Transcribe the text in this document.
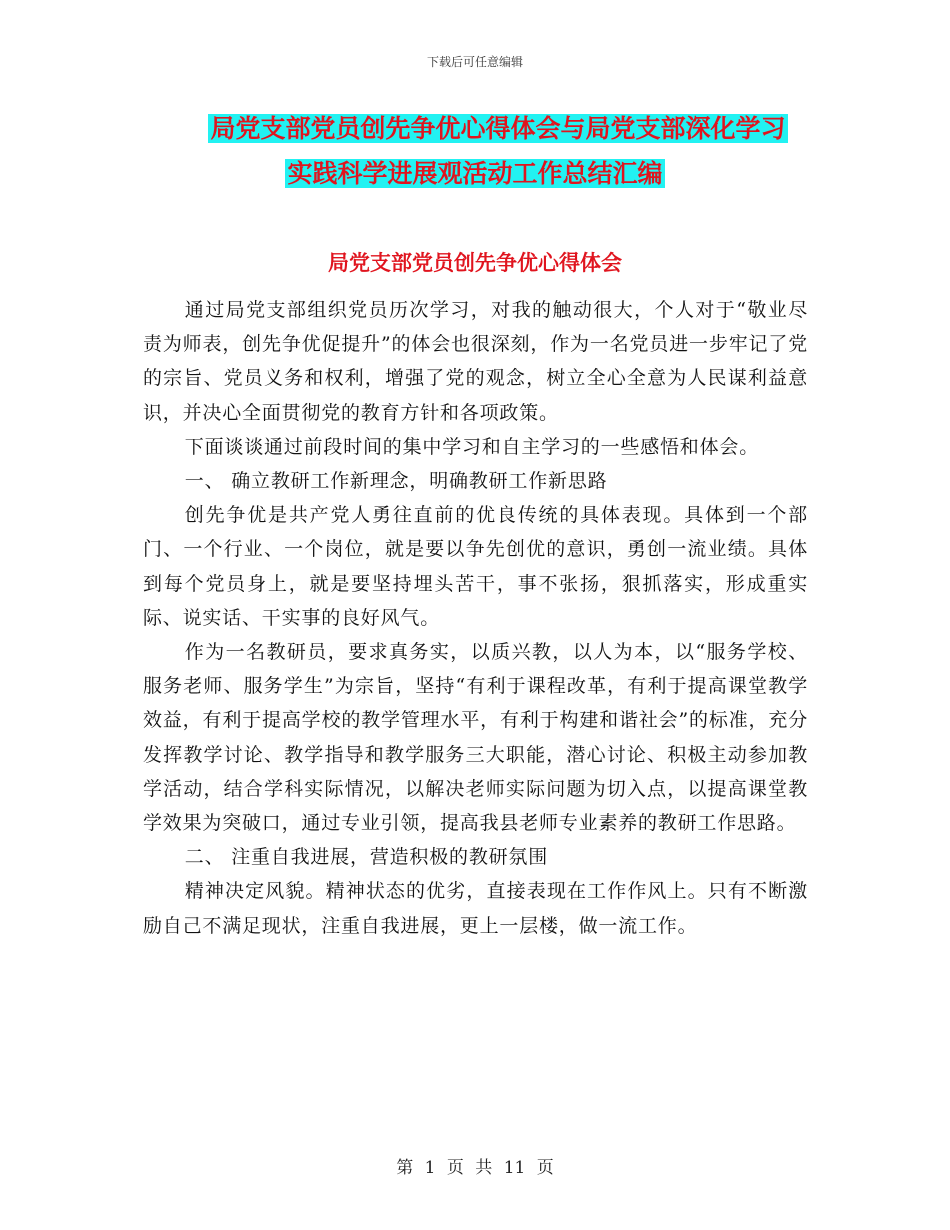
下载后可任意编辑
局党支部党员创先争优心得体会与局党支部深化学习
实践科学进展观活动工作总结汇编
局党支部党员创先争优心得体会

通过局党支部组织党员历次学习，对我的触动很大，个人对于“敬业尽责为师表，创先争优促提升”的体会也很深刻，作为一名党员进一步牢记了党的宗旨、党员义务和权利，增强了党的观念，树立全心全意为人民谋利益意识，并决心全面贯彻党的教育方针和各项政策。

下面谈谈通过前段时间的集中学习和自主学习的一些感悟和体会。

一、 确立教研工作新理念，明确教研工作新思路

创先争优是共产党人勇往直前的优良传统的具体表现。具体到一个部门、一个行业、一个岗位，就是要以争先创优的意识，勇创一流业绩。具体到每个党员身上，就是要坚持埋头苦干，事不张扬，狠抓落实，形成重实际、说实话、干实事的良好风气。

作为一名教研员，要求真务实，以质兴教，以人为本，以“服务学校、服务老师、服务学生”为宗旨，坚持“有利于课程改革，有利于提高课堂教学效益，有利于提高学校的教学管理水平，有利于构建和谐社会”的标准，充分发挥教学讨论、教学指导和教学服务三大职能，潜心讨论、积极主动参加教学活动，结合学科实际情况，以解决老师实际问题为切入点，以提高课堂教学效果为突破口，通过专业引领，提高我县老师专业素养的教研工作思路。

二、 注重自我进展，营造积极的教研氛围

精神决定风貌。精神状态的优劣，直接表现在工作作风上。只有不断激励自己不满足现状，注重自我进展，更上一层楼，做一流工作。

第 1 页 共 11 页
